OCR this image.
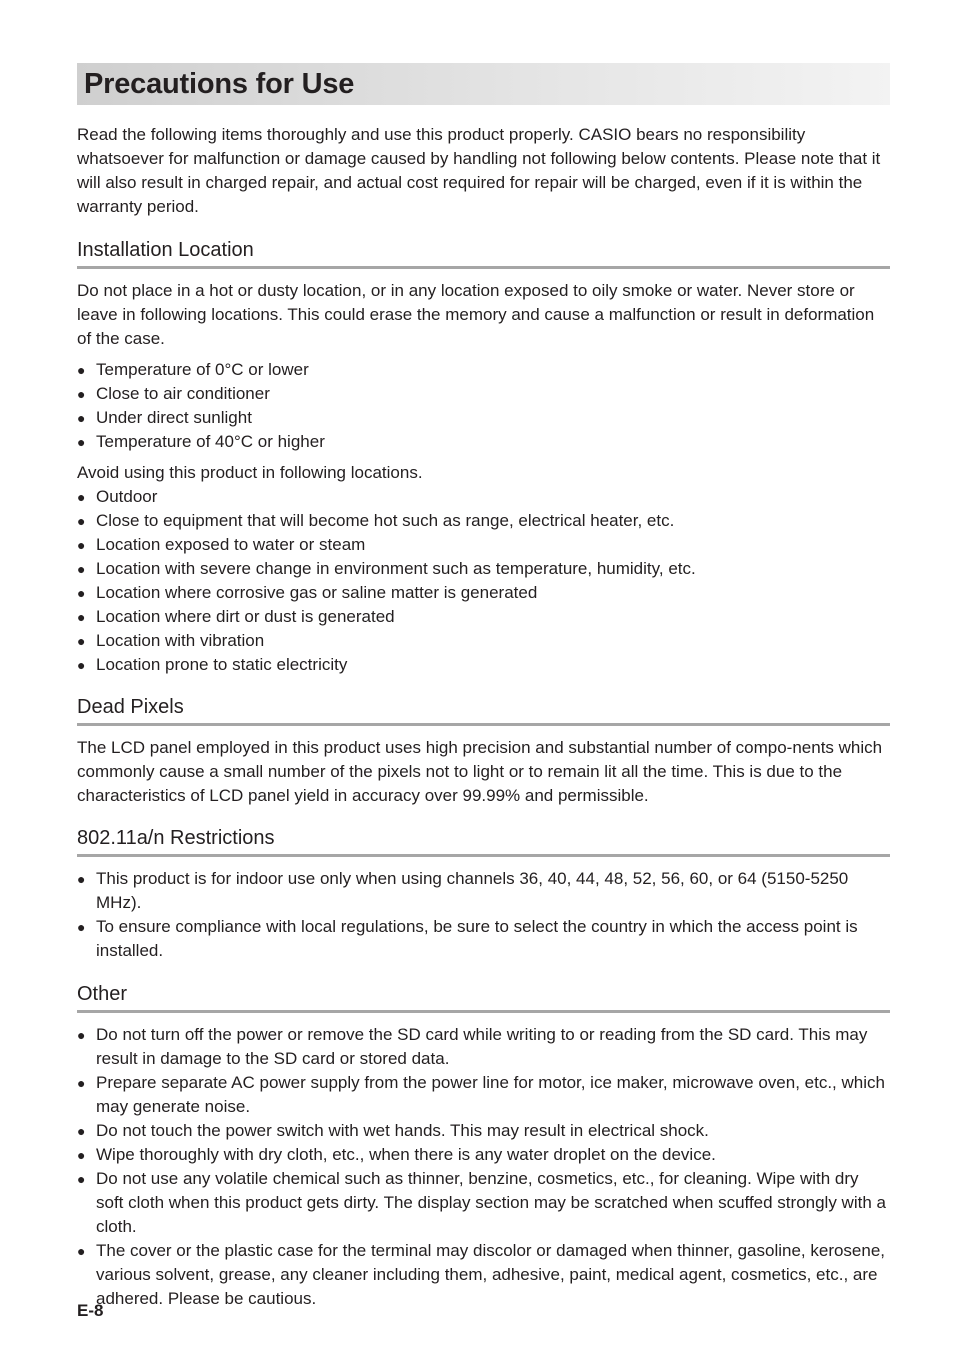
Precautions for Use

Read the following items thoroughly and use this product properly. CASIO bears no responsibility whatsoever for malfunction or damage caused by handling not following below contents. Please note that it will also result in charged repair, and actual cost required for repair will be charged, even if it is within the warranty period.

Installation Location

Do not place in a hot or dusty location, or in any location exposed to oily smoke or water. Never store or leave in following locations. This could erase the memory and cause a malfunction or result in deformation of the case.

● Temperature of 0°C or lower
● Close to air conditioner
● Under direct sunlight
● Temperature of 40°C or higher

Avoid using this product in following locations.

● Outdoor
● Close to equipment that will become hot such as range, electrical heater, etc.
● Location exposed to water or steam
● Location with severe change in environment such as temperature, humidity, etc.
● Location where corrosive gas or saline matter is generated
● Location where dirt or dust is generated
● Location with vibration
● Location prone to static electricity
Dead Pixels

The LCD panel employed in this product uses high precision and substantial number of compo-nents which commonly cause a small number of the pixels not to light or to remain lit all the time. This is due to the characteristics of LCD panel yield in accuracy over 99.99% and permissible.

802.11a/n Restrictions
● This product is for indoor use only when using channels 36, 40, 44, 48, 52, 56, 60, or 64 (5150-5250 MHz).
● To ensure compliance with local regulations, be sure to select the country in which the access point is installed.
Other
● Do not turn off the power or remove the SD card while writing to or reading from the SD card. This may result in damage to the SD card or stored data.
● Prepare separate AC power supply from the power line for motor, ice maker, microwave oven, etc., which may generate noise.
● Do not touch the power switch with wet hands. This may result in electrical shock.
● Wipe thoroughly with dry cloth, etc., when there is any water droplet on the device.
● Do not use any volatile chemical such as thinner, benzine, cosmetics, etc., for cleaning. Wipe with dry soft cloth when this product gets dirty. The display section may be scratched when scuffed strongly with a cloth.
● The cover or the plastic case for the terminal may discolor or damaged when thinner, gasoline, kerosene, various solvent, grease, any cleaner including them, adhesive, paint, medical agent, cosmetics, etc., are adhered. Please be cautious.
E-8
